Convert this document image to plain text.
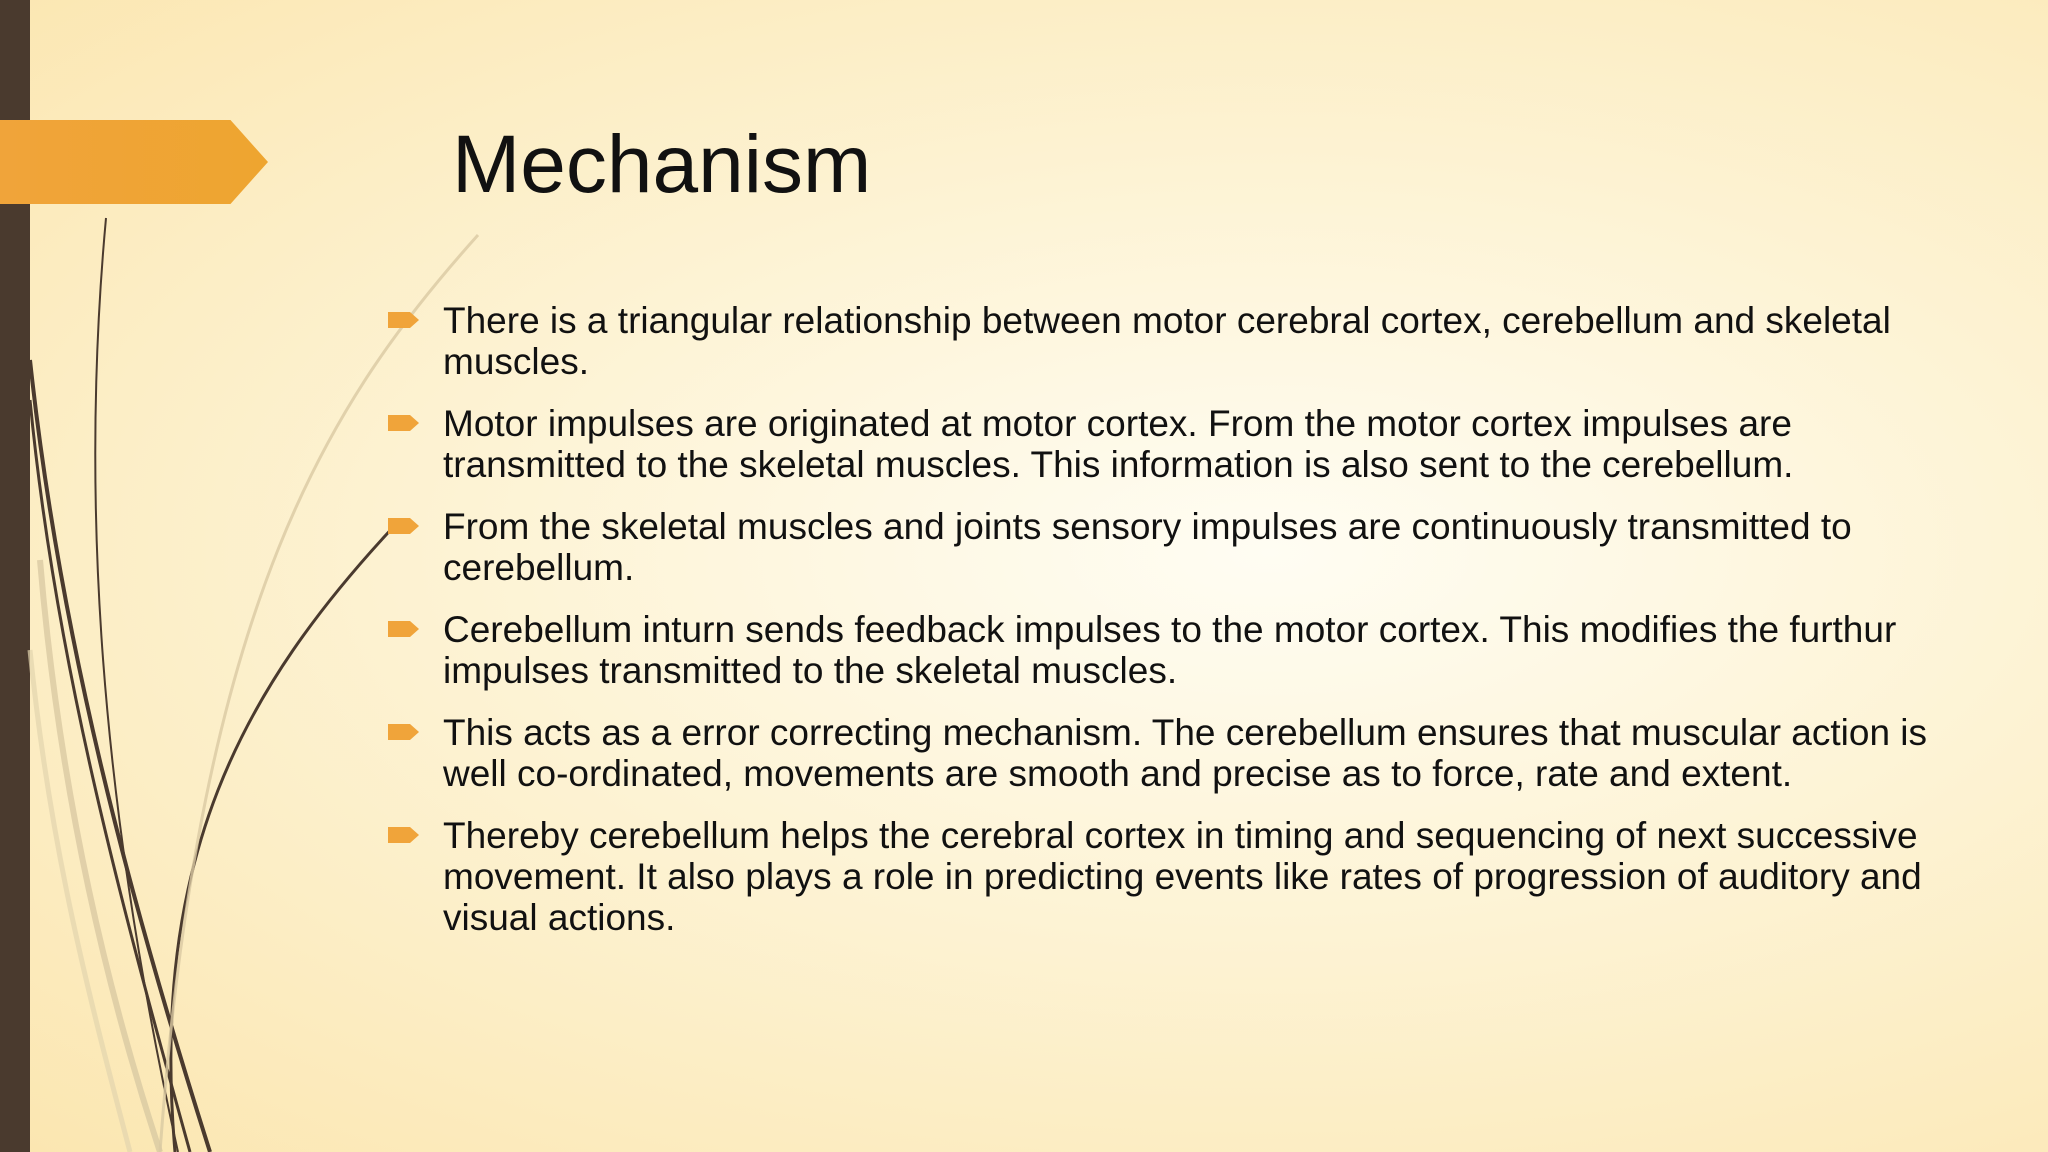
Mechanism
There is a triangular relationship between motor cerebral cortex, cerebellum and skeletal muscles.
Motor impulses are originated at motor cortex. From the motor cortex impulses are transmitted to the skeletal muscles. This information is also sent to the cerebellum.
From the skeletal muscles and joints sensory impulses are continuously transmitted to cerebellum.
Cerebellum inturn sends feedback impulses to the motor cortex. This modifies the furthur impulses transmitted to the skeletal muscles.
This acts as a error correcting mechanism. The cerebellum ensures that muscular action is well co-ordinated, movements are smooth and precise as to force, rate and extent.
Thereby cerebellum helps the cerebral cortex in timing and sequencing of next successive movement. It also plays a role in predicting events like rates of progression of auditory and visual actions.
